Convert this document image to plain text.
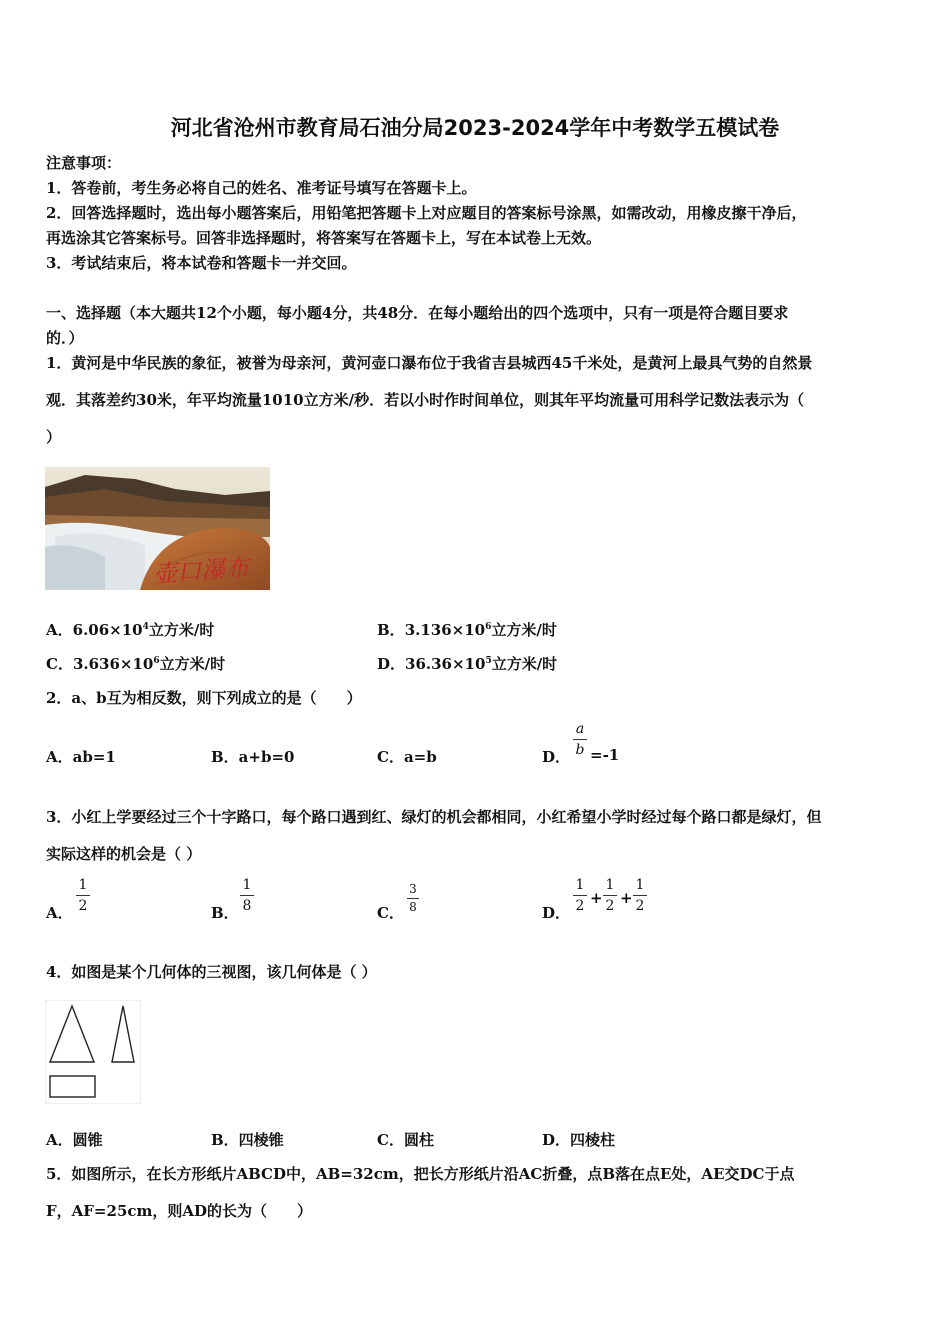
河北省沧州市教育局石油分局2023-2024学年中考数学五模试卷
注意事项：
1．答卷前，考生务必将自己的姓名、准考证号填写在答题卡上。
2．回答选择题时，选出每小题答案后，用铅笔把答题卡上对应题目的答案标号涂黑，如需改动，用橡皮擦干净后，
再选涂其它答案标号。回答非选择题时，将答案写在答题卡上，写在本试卷上无效。
3．考试结束后，将本试卷和答题卡一并交回。
一、选择题（本大题共12个小题，每小题4分，共48分．在每小题给出的四个选项中，只有一项是符合题目要求
的．）
1．黄河是中华民族的象征，被誉为母亲河，黄河壶口瀑布位于我省吉县城西45千米处，是黄河上最具气势的自然景
观．其落差约30米，年平均流量1010立方米/秒．若以小时作时间单位，则其年平均流量可用科学记数法表示为（
）
壶口瀑布
A．$6.06\times 10^4$立方米/时	B．$3.136\times 10^6$立方米/时
C．$3.636\times 10^6$立方米/时	D．$36.36\times 10^5$立方米/时
2．a、b互为相反数，则下列成立的是（　　）
A．ab=1	B．a+b=0	C．a=b	D．
a
b =-1
3．小红上学要经过三个十字路口，每个路口遇到红、绿灯的机会都相同，小红希望小学时经过每个路口都是绿灯，但
实际这样的机会是（ ）
A．
1
2	B．
1
8	C．
3
8	D．
1
2 +
1
2 +
1
2
4．如图是某个几何体的三视图，该几何体是（ ）
A．圆锥	B．四棱锥	C．圆柱	D．四棱柱
5．如图所示，在长方形纸片ABCD中，AB=32cm，把长方形纸片沿AC折叠，点B落在点E处，AE交DC于点
F，AF=25cm，则AD的长为（　　）
